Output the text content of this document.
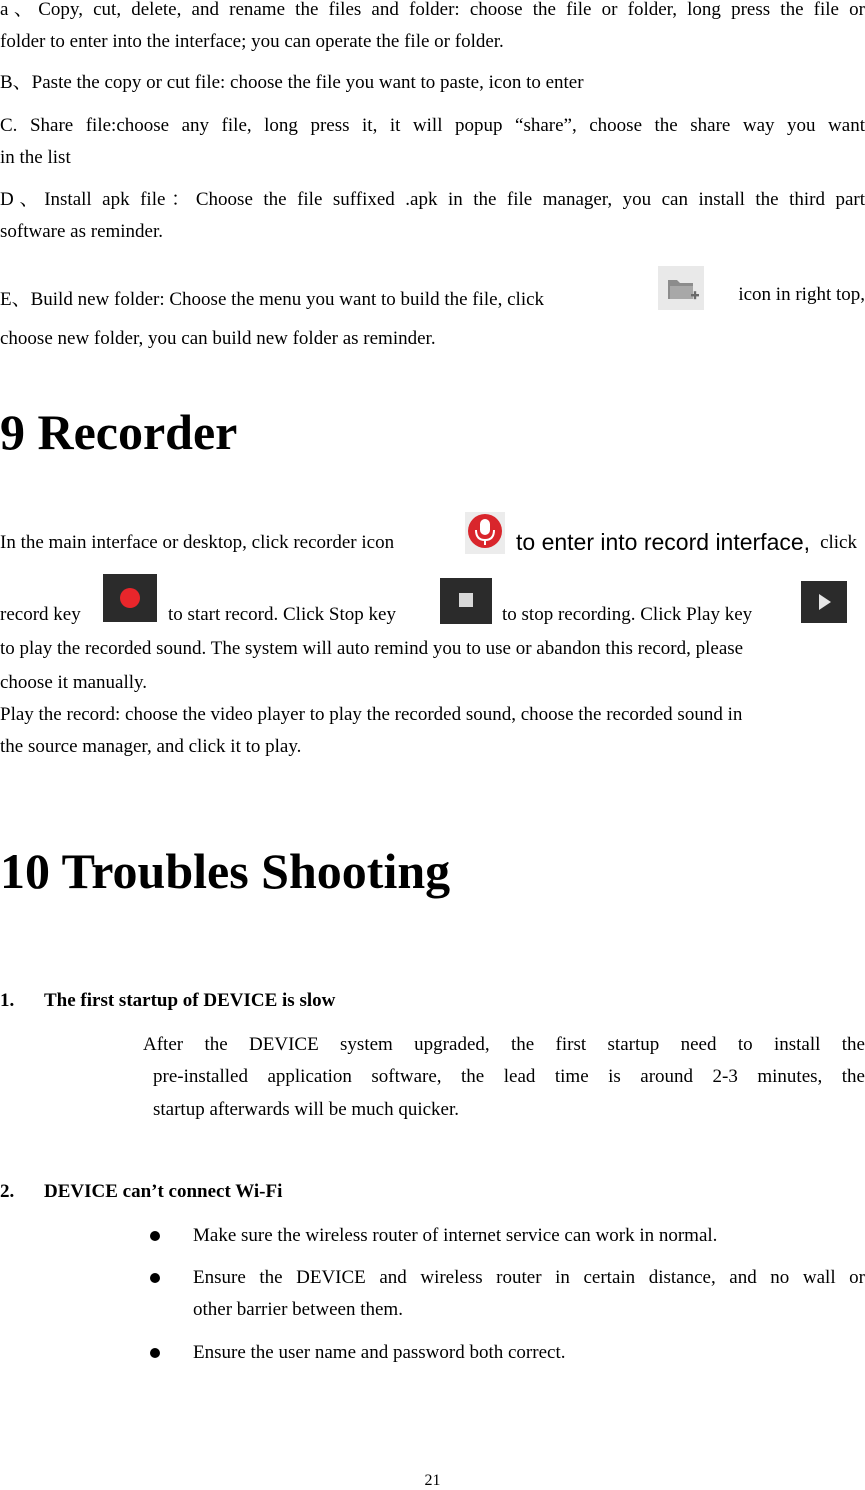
a、Copy, cut, delete, and rename the files and folder: choose the file or folder, long press the file or

folder to enter into the interface; you can operate the file or folder.

B、Paste the copy or cut file: choose the file you want to paste, icon to enter

C. Share file:choose any file, long press it, it will popup “share”, choose the share way you want

in the list

D、Install apk file：Choose the file suffixed .apk in the file manager, you can install the third part

software as reminder.

E、Build new folder: Choose the menu you want to build the file, click	icon in right top,

choose new folder, you can build new folder as reminder.

9 Recorder
In the main interface or desktop, click recorder icon	to enter into record interface, click
record key	to start record. Click Stop key	to stop recording. Click Play key

to play the recorded sound. The system will auto remind you to use or abandon this record, please

choose it manually.

Play the record: choose the video player to play the recorded sound, choose the recorded sound in

the source manager, and click it to play.

10 Troubles Shooting
1. The first startup of DEVICE is slow

After the DEVICE system upgraded, the first startup need to install the

pre-installed application software, the lead time is around 2-3 minutes, the

startup afterwards will be much quicker.

2. DEVICE can’t connect Wi-Fi
Make sure the wireless router of internet service can work in normal.
Ensure the DEVICE and wireless router in certain distance, and no wall or

other barrier between them.

Ensure the user name and password both correct.
21
